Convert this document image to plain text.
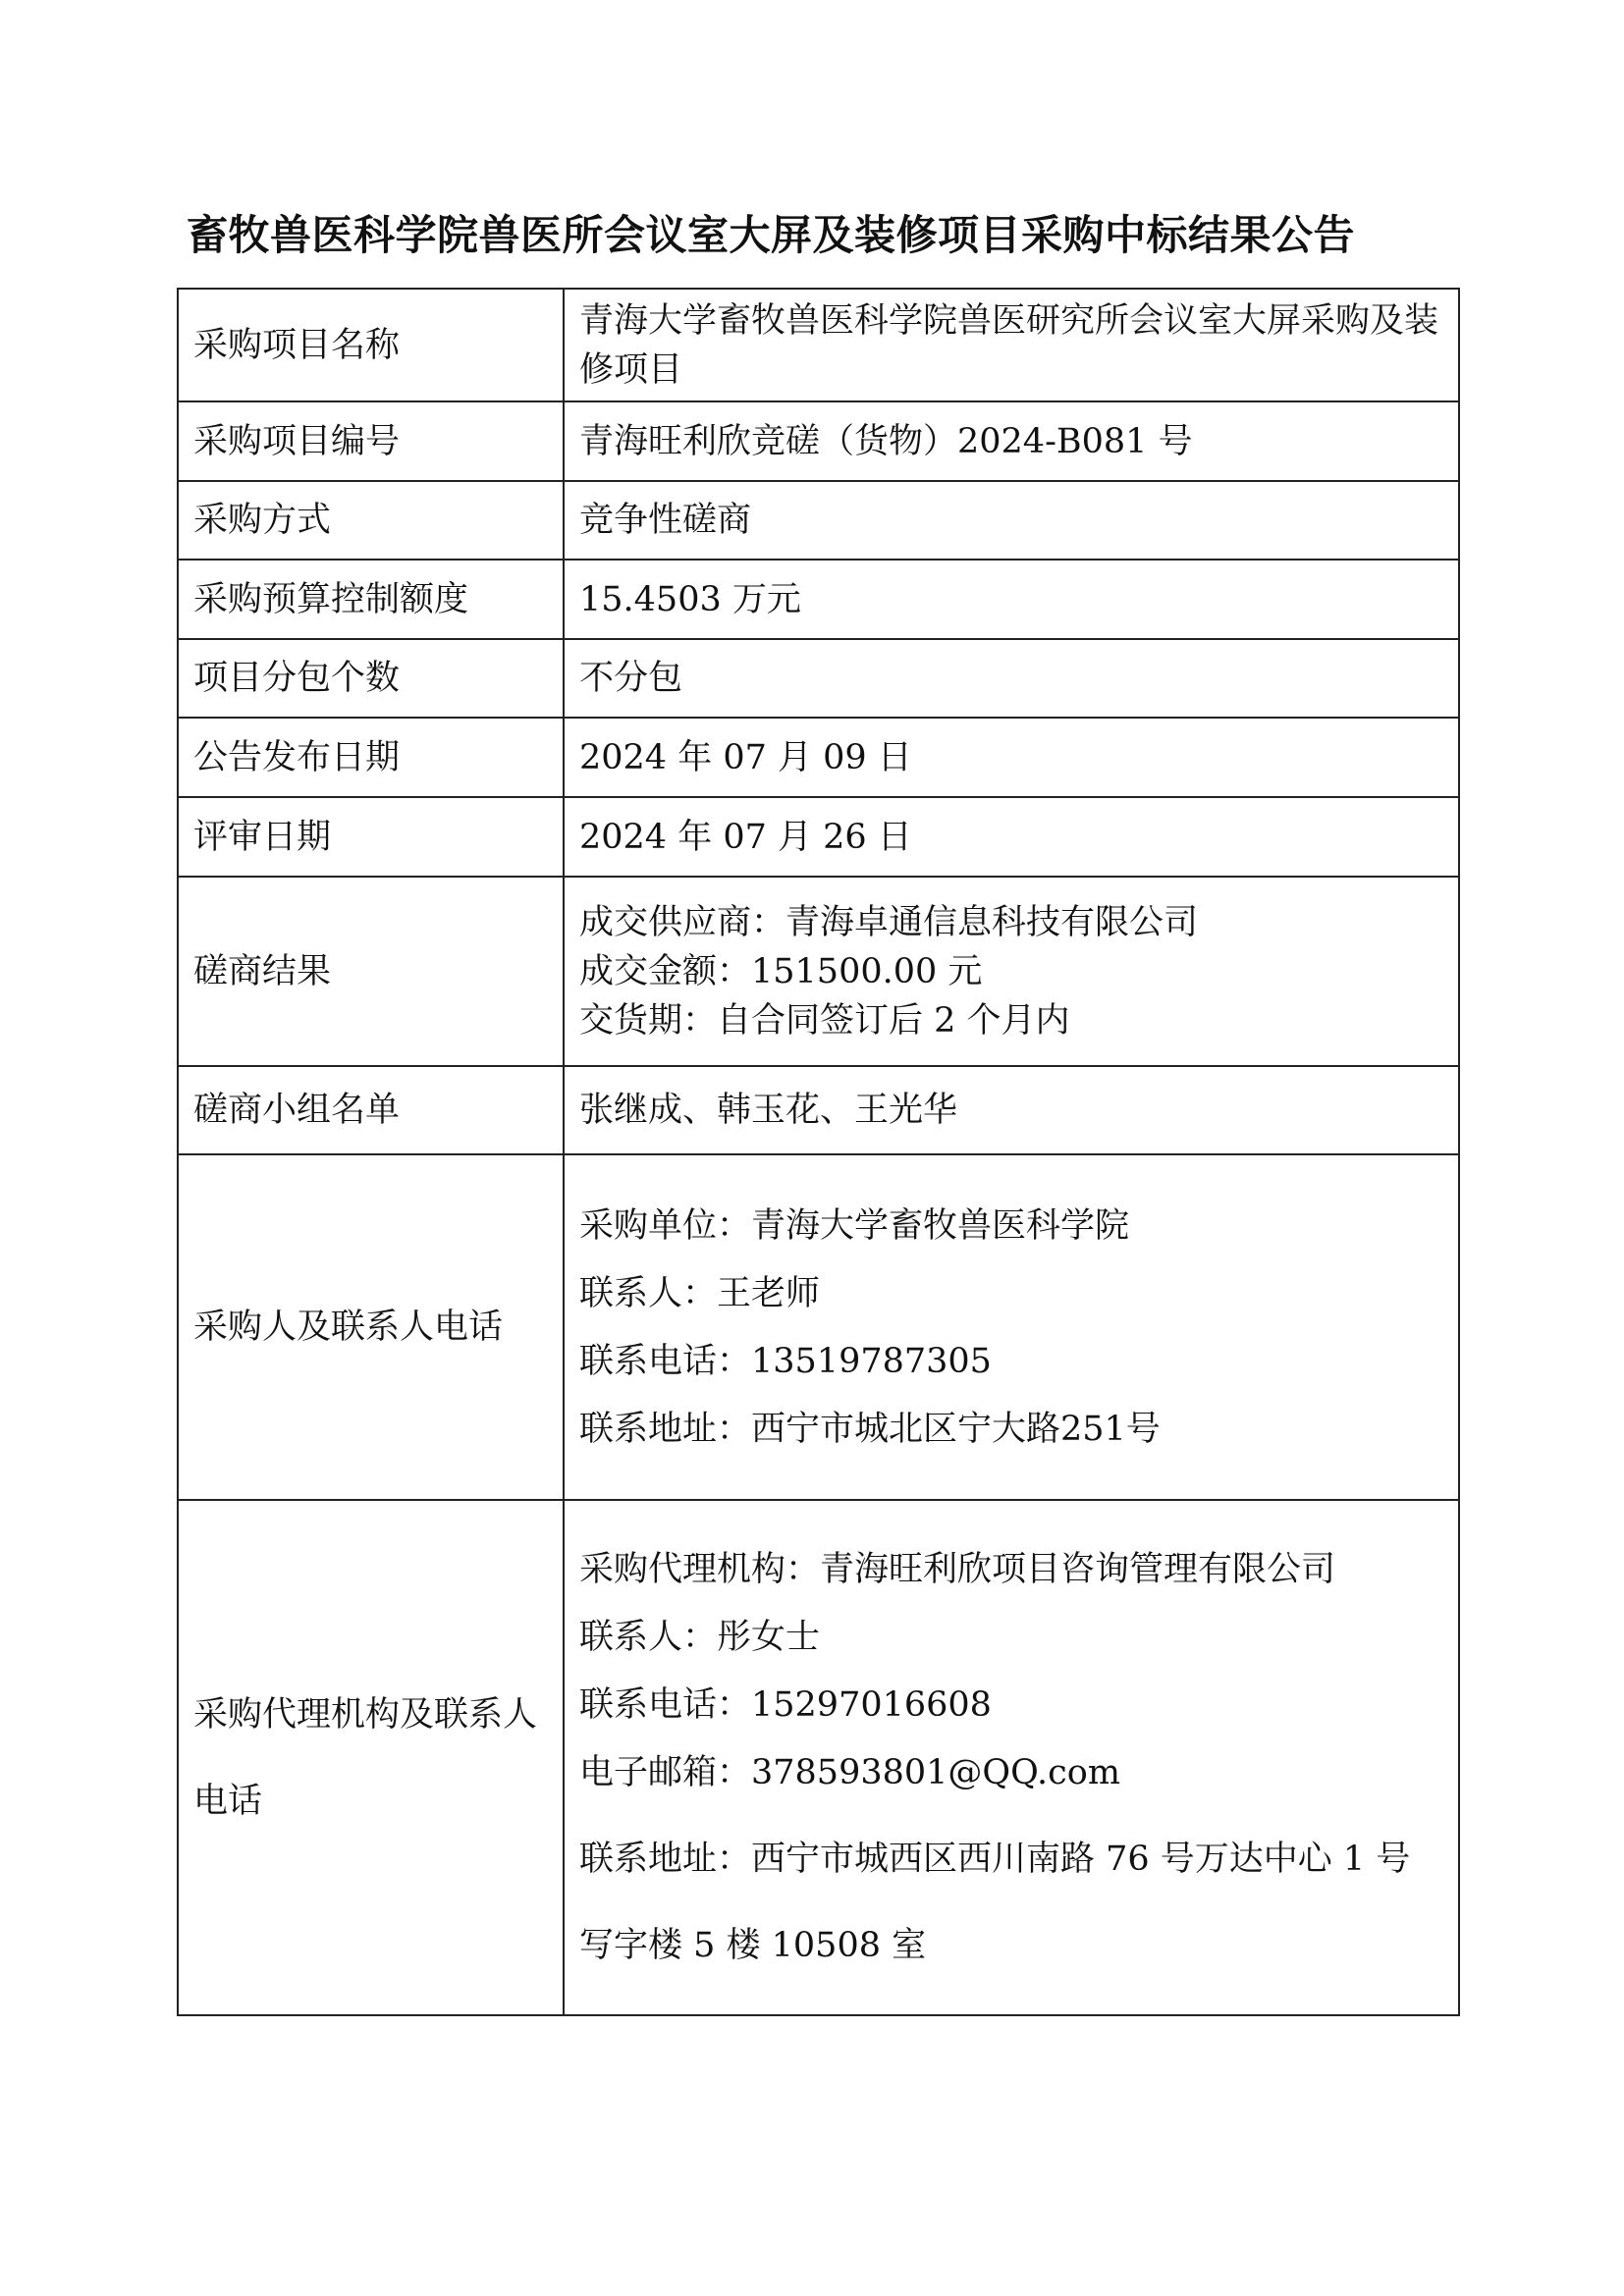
畜牧兽医科学院兽医所会议室大屏及装修项目采购中标结果公告
采购项目名称	青海大学畜牧兽医科学院兽医研究所会议室大屏采购及装修项目
采购项目编号	青海旺利欣竞磋（货物）2024-B081 号
采购方式	竞争性磋商
采购预算控制额度	15.4503 万元
项目分包个数	不分包
公告发布日期	2024 年 07 月 09 日
评审日期	2024 年 07 月 26 日
磋商结果	成交供应商：青海卓通信息科技有限公司
成交金额：151500.00 元
交货期：自合同签订后 2 个月内

磋商小组名单	张继成、韩玉花、王光华
采购人及联系人电话	采购单位：青海大学畜牧兽医科学院
联系人：王老师
联系电话：13519787305
联系地址：西宁市城北区宁大路251号

采购代理机构及联系人电话	采购代理机构：青海旺利欣项目咨询管理有限公司
联系人：彤女士
联系电话：15297016608
电子邮箱：378593801@QQ.com
联系地址：西宁市城西区西川南路 76 号万达中心 1 号写字楼 5 楼 10508 室
